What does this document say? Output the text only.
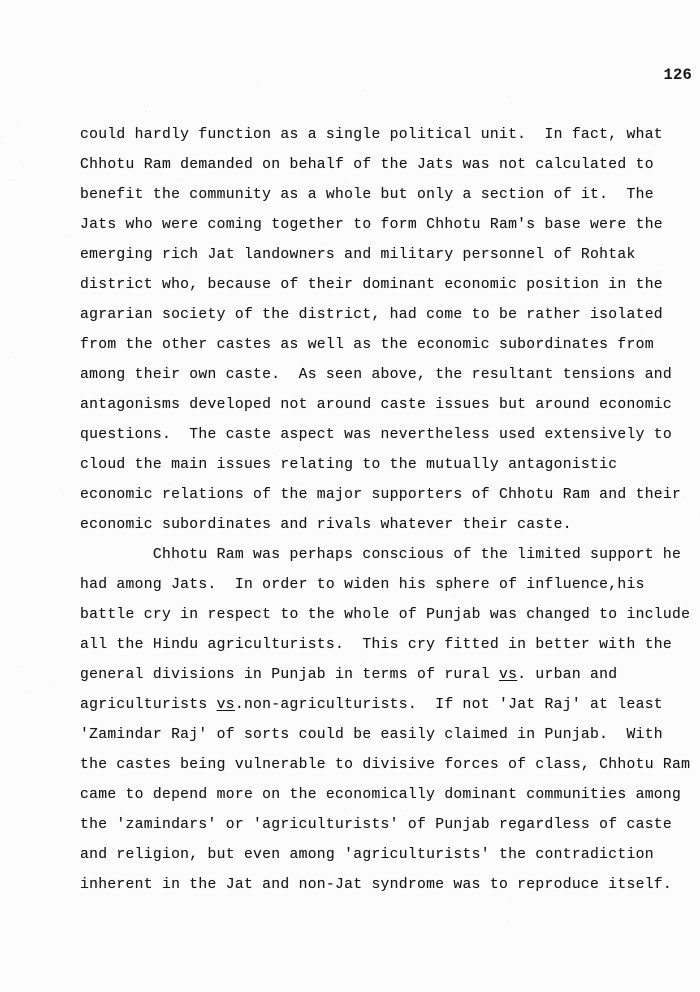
126
could hardly function as a single political unit.  In fact, what
Chhotu Ram demanded on behalf of the Jats was not calculated to
benefit the community as a whole but only a section of it.  The
Jats who were coming together to form Chhotu Ram's base were the
emerging rich Jat landowners and military personnel of Rohtak
district who, because of their dominant economic position in the
agrarian society of the district, had come to be rather isolated
from the other castes as well as the economic subordinates from
among their own caste.  As seen above, the resultant tensions and
antagonisms developed not around caste issues but around economic
questions.  The caste aspect was nevertheless used extensively to
cloud the main issues relating to the mutually antagonistic
economic relations of the major supporters of Chhotu Ram and their
economic subordinates and rivals whatever their caste.
Chhotu Ram was perhaps conscious of the limited support he
had among Jats.  In order to widen his sphere of influence,his
battle cry in respect to the whole of Punjab was changed to include
all the Hindu agriculturists.  This cry fitted in better with the
general divisions in Punjab in terms of rural vs. urban and
agriculturists vs.non-agriculturists.  If not 'Jat Raj' at least
'Zamindar Raj' of sorts could be easily claimed in Punjab.  With
the castes being vulnerable to divisive forces of class, Chhotu Ram
came to depend more on the economically dominant communities among
the 'zamindars' or 'agriculturists' of Punjab regardless of caste
and religion, but even among 'agriculturists' the contradiction
inherent in the Jat and non-Jat syndrome was to reproduce itself.
